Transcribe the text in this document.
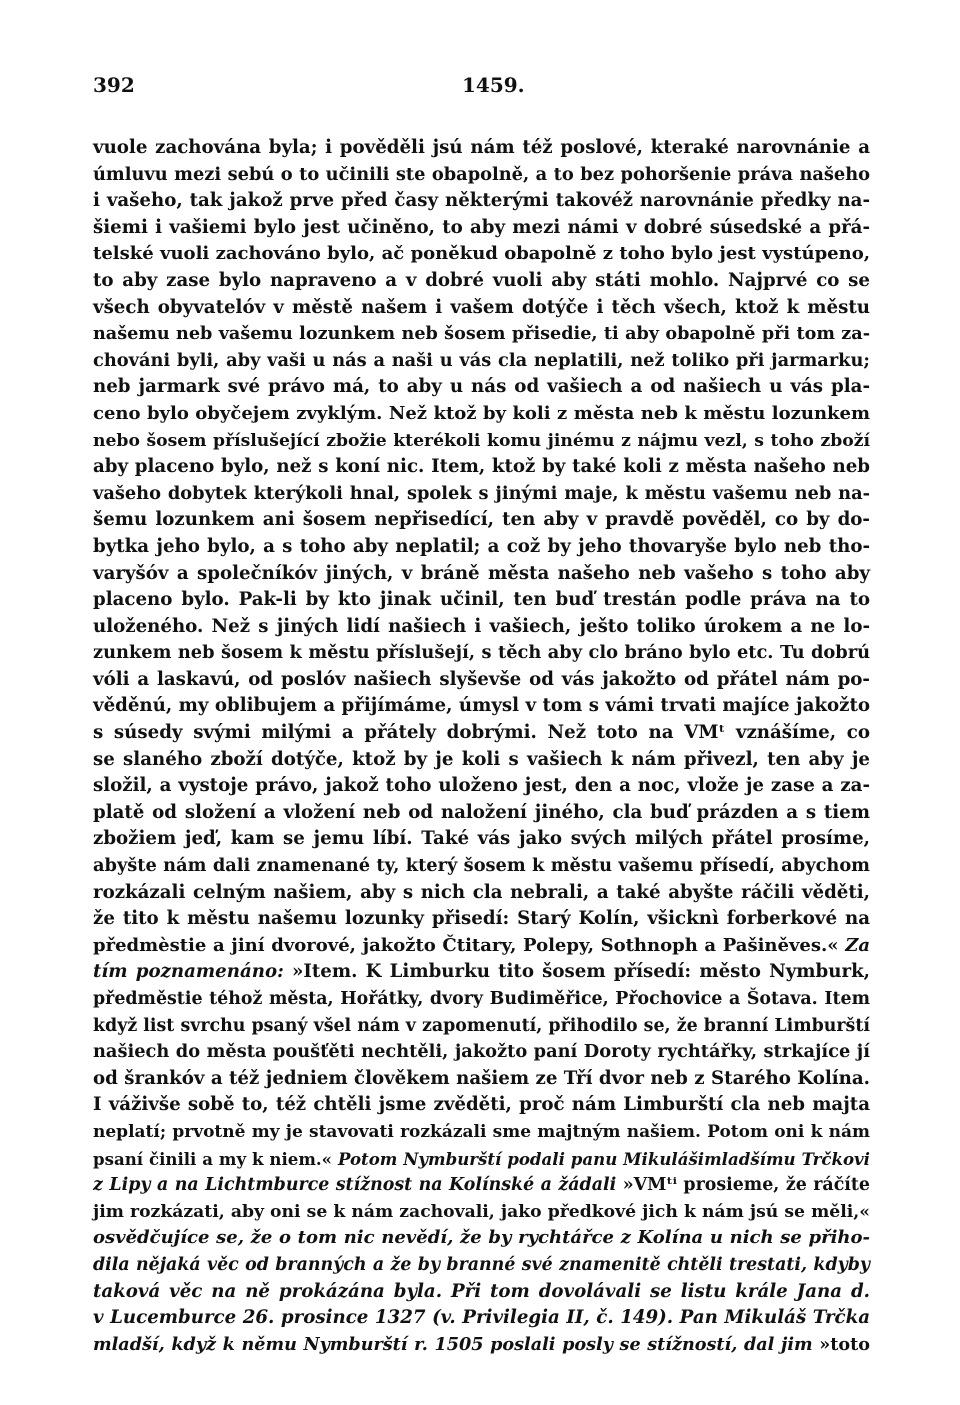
392	1459.
vuole zachována byla; i pověděli jsú nám též poslové, kteraké narovnánie a
úmluvu mezi sebú o to učinili ste obapolně, a to bez pohoršenie práva našeho
i vašeho, tak jakož prve před časy některými takovéž narovnánie předky na-
šiemi i vašiemi bylo jest učiněno, to aby mezi námi v dobré súsedské a přá-
telské vuoli zachováno bylo, ač poněkud obapolně z toho bylo jest vystúpeno,
to aby zase bylo napraveno a v dobré vuoli aby státi mohlo. Najprvé co se
všech obyvatelóv v městě našem i vašem dotýče i těch všech, ktož k městu
našemu neb vašemu lozunkem neb šosem přisedie, ti aby obapolně při tom za-
chováni byli, aby vaši u nás a naši u vás cla neplatili, než toliko při jarmarku;
neb jarmark své právo má, to aby u nás od vašiech a od našiech u vás pla-
ceno bylo obyčejem zvyklým. Než ktož by koli z města neb k městu lozunkem
nebo šosem příslušející zbožie kterékoli komu jinému z nájmu vezl, s toho zboží
aby placeno bylo, než s koní nic. Item, ktož by také koli z města našeho neb
vašeho dobytek kterýkoli hnal, spolek s jinými maje, k městu vašemu neb na-
šemu lozunkem ani šosem nepřisedící, ten aby v pravdě pověděl, co by do-
bytka jeho bylo, a s toho aby neplatil; a což by jeho thovaryše bylo neb tho-
varyšóv a společníkóv jiných, v bráně města našeho neb vašeho s toho aby
placeno bylo. Pak-li by kto jinak učinil, ten buď trestán podle práva na to
uloženého. Než s jiných lidí našiech i vašiech, ješto toliko úrokem a ne lo-
zunkem neb šosem k městu příslušejí, s těch aby clo bráno bylo etc. Tu dobrú
vóli a laskavú, od poslóv našiech slyševše od vás jakožto od přátel nám po-
věděnú, my oblibujem a přijímáme, úmysl v tom s vámi trvati majíce jakožto
s súsedy svými milými a přátely dobrými. Než toto na VMᵗ vznášíme, co
se slaného zboží dotýče, ktož by je koli s vašiech k nám přivezl, ten aby je
složil, a vystoje právo, jakož toho uloženo jest, den a noc, vlože je zase a za-
platě od složení a vložení neb od naložení jiného, cla buď prázden a s tiem
zbožiem jeď, kam se jemu líbí. Také vás jako svých milých přátel prosíme,
abyšte nám dali znamenané ty, který šosem k městu vašemu přísedí, abychom
rozkázali celným našiem, aby s nich cla nebrali, a také abyšte ráčili věděti,
že tito k městu našemu lozunky přisedí: Starý Kolín, všicknì forberkové na
předmèstie a jiní dvorové, jakožto Čtitary, Polepy, Sothnoph a Pašiněves.« Za
tím poznamenáno: »Item. K Limburku tito šosem přísedí: město Nymburk,
předměstie téhož města, Hořátky, dvory Budiměřice, Přochovice a Šotava. Item
když list svrchu psaný všel nám v zapomenutí, přihodilo se, že branní Limburští
našiech do města poušťěti nechtěli, jakožto paní Doroty rychtářky, strkajíce jí
od šrankóv a též jedniem člověkem našiem ze Tří dvor neb z Starého Kolína.
I váživše sobě to, též chtěli jsme zvěděti, proč nám Limburští cla neb majta
neplatí; prvotně my je stavovati rozkázali sme majtným našiem. Potom oni k nám
psaní činili a my k niem.« Potom Nymburští podali panu Mikulášimladšímu Trčkovi
z Lipy a na Lichtmburce stížnost na Kolínské a žádali »VMᵗⁱ prosieme, že ráčíte
jim rozkázati, aby oni se k nám zachovali, jako předkové jich k nám jsú se měli,«
osvědčujíce se, že o tom nic nevědí, že by rychtářce z Kolína u nich se přiho-
dila nějaká věc od branných a že by branné své znamenitě chtěli trestati, kdyby
taková věc na ně prokázána byla. Při tom dovolávali se listu krále Jana d.
v Lucemburce 26. prosince 1327 (v. Privilegia II, č. 149). Pan Mikuláš Trčka
mladší, když k němu Nymburští r. 1505 poslali posly se stížností, dal jim »toto
